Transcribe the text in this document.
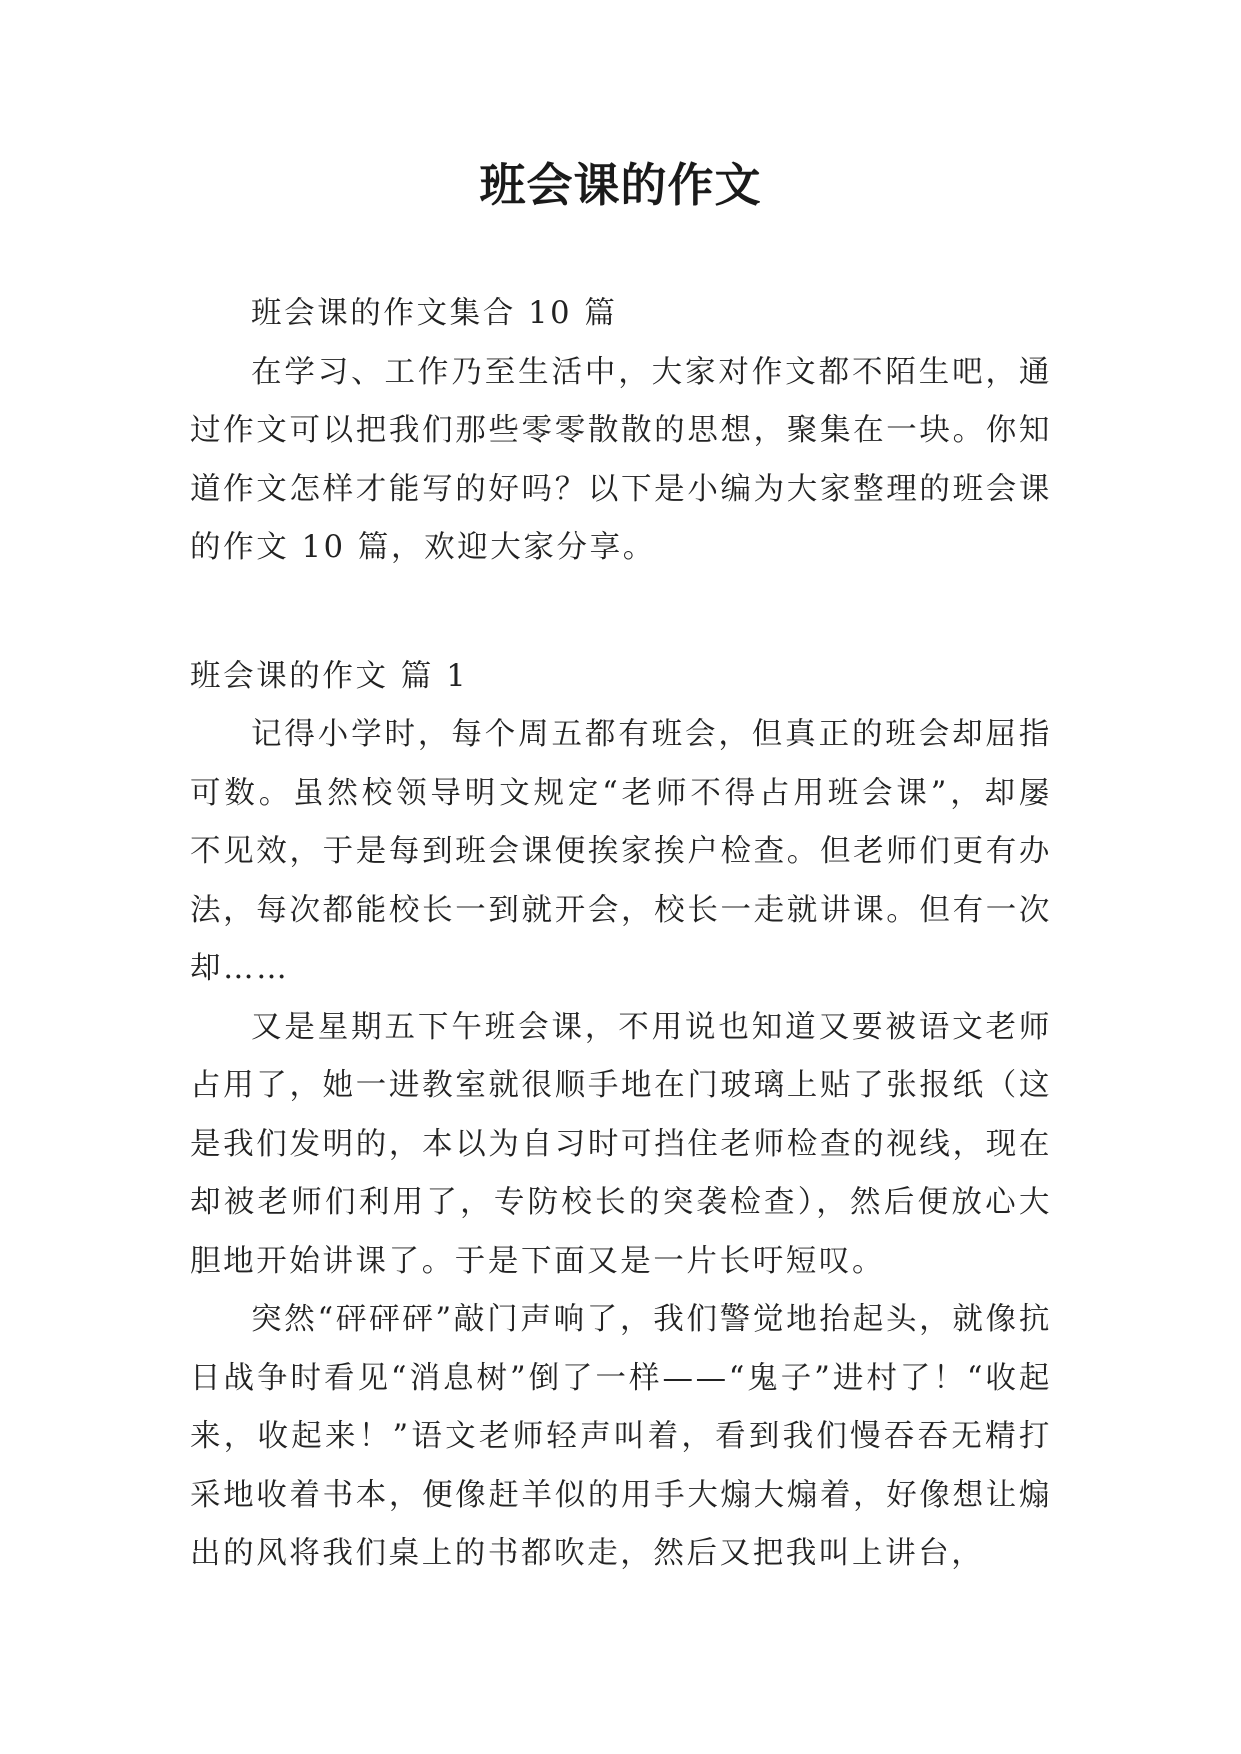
班会课的作文

班会课的作文集合 10 篇

在学习、工作乃至生活中，大家对作文都不陌生吧，通过作文可以把我们那些零零散散的思想，聚集在一块。你知道作文怎样才能写的好吗？以下是小编为大家整理的班会课的作文 10 篇，欢迎大家分享。

班会课的作文 篇 1

记得小学时，每个周五都有班会，但真正的班会却屈指可数。虽然校领导明文规定“老师不得占用班会课”，却屡不见效，于是每到班会课便挨家挨户检查。但老师们更有办法，每次都能校长一到就开会，校长一走就讲课。但有一次却……

又是星期五下午班会课，不用说也知道又要被语文老师占用了，她一进教室就很顺手地在门玻璃上贴了张报纸（这是我们发明的，本以为自习时可挡住老师检查的视线，现在却被老师们利用了，专防校长的突袭检查），然后便放心大胆地开始讲课了。于是下面又是一片长吁短叹。

突然“砰砰砰”敲门声响了，我们警觉地抬起头，就像抗日战争时看见“消息树”倒了一样——“鬼子”进村了！“收起来，收起来！”语文老师轻声叫着，看到我们慢吞吞无精打采地收着书本，便像赶羊似的用手大煽大煽着，好像想让煽出的风将我们桌上的书都吹走，然后又把我叫上讲台，
